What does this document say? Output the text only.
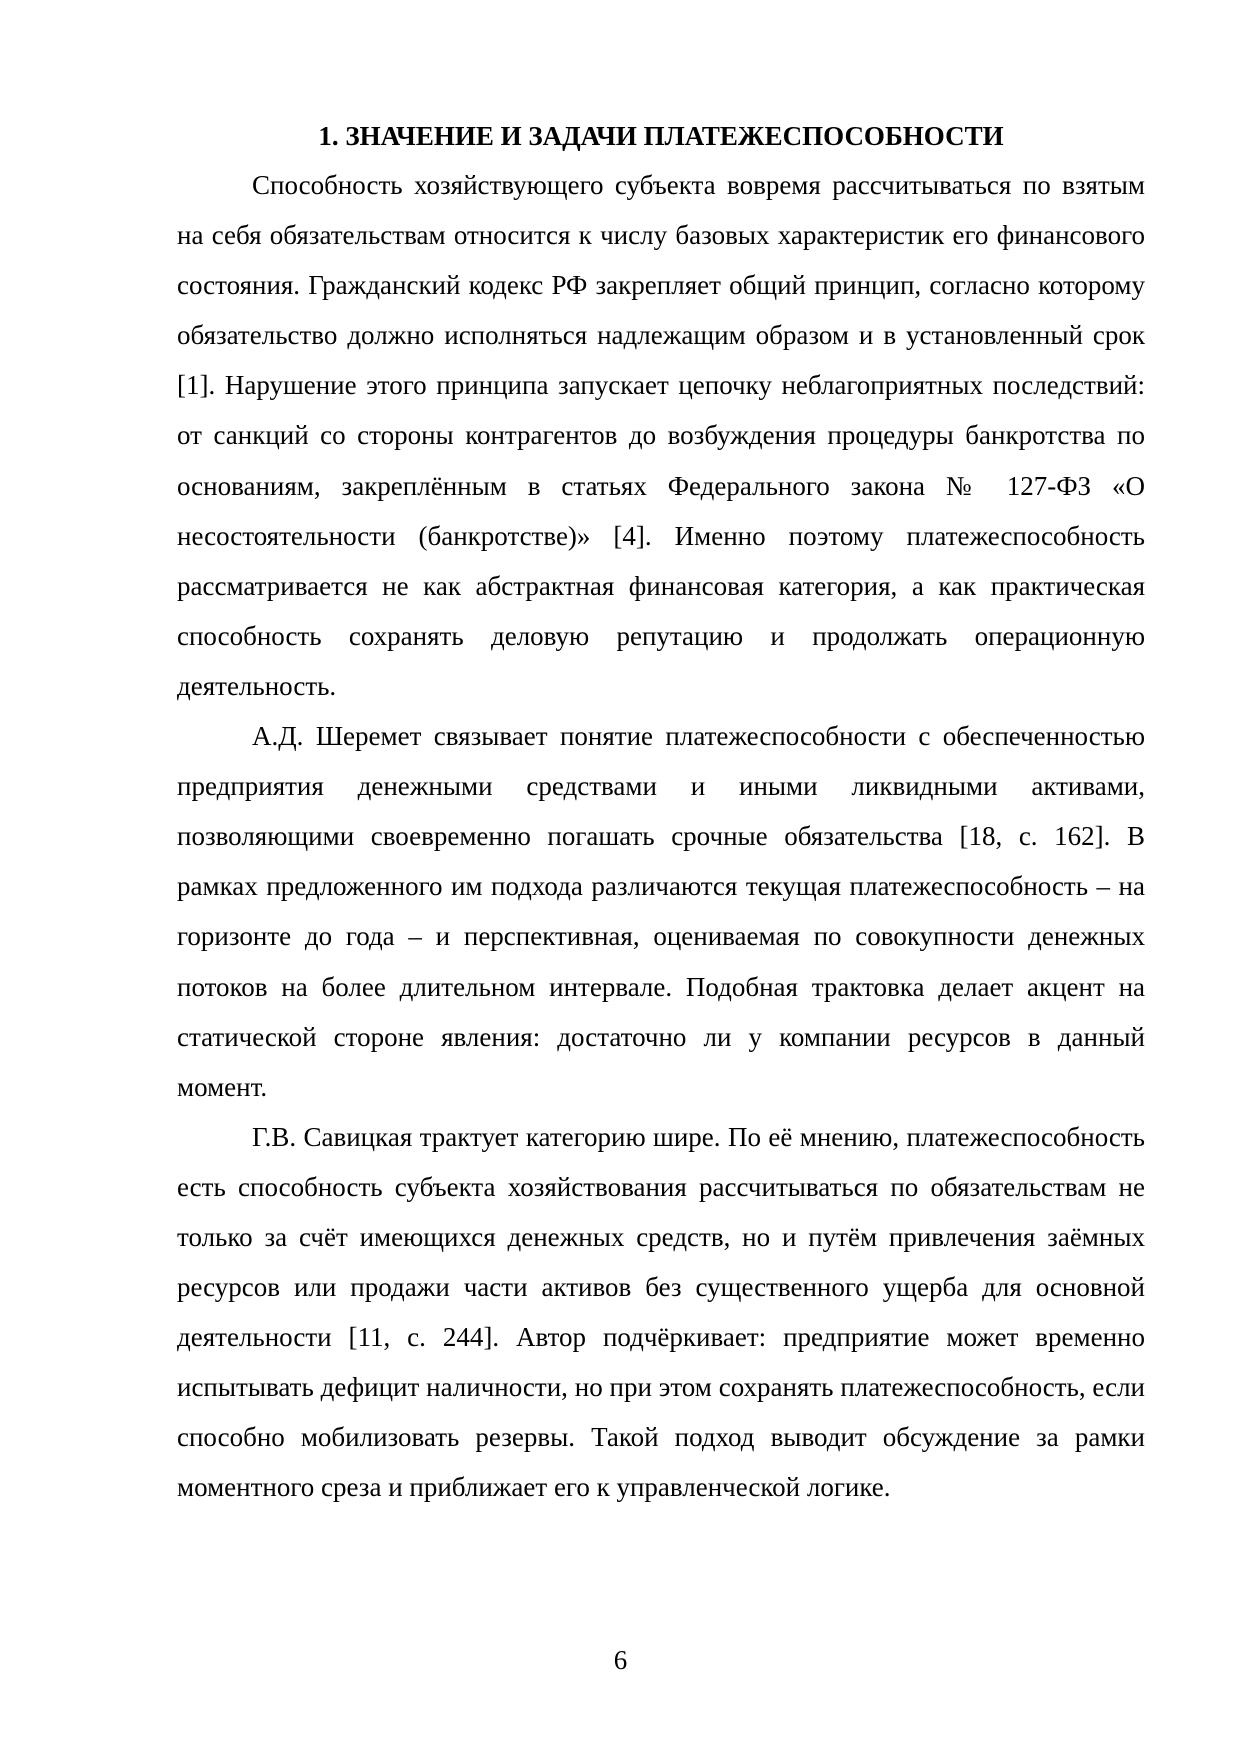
1. ЗНАЧЕНИЕ И ЗАДАЧИ ПЛАТЕЖЕСПОСОБНОСТИ

Способность хозяйствующего субъекта вовремя рассчитываться по взятым на себя обязательствам относится к числу базовых характеристик его финансового состояния. Гражданский кодекс РФ закрепляет общий принцип, согласно которому обязательство должно исполняться надлежащим образом и в установленный срок [1]. Нарушение этого принципа запускает цепочку неблагоприятных последствий: от санкций со стороны контрагентов до возбуждения процедуры банкротства по основаниям, закреплённым в статьях Федерального закона № 127-ФЗ «О несостоятельности (банкротстве)» [4]. Именно поэтому платежеспособность рассматривается не как абстрактная финансовая категория, а как практическая способность сохранять деловую репутацию и продолжать операционную деятельность.

А.Д. Шеремет связывает понятие платежеспособности с обеспеченностью предприятия денежными средствами и иными ликвидными активами, позволяющими своевременно погашать срочные обязательства [18, с. 162]. В рамках предложенного им подхода различаются текущая платежеспособность – на горизонте до года – и перспективная, оцениваемая по совокупности денежных потоков на более длительном интервале. Подобная трактовка делает акцент на статической стороне явления: достаточно ли у компании ресурсов в данный момент.

Г.В. Савицкая трактует категорию шире. По её мнению, платежеспособность есть способность субъекта хозяйствования рассчитываться по обязательствам не только за счёт имеющихся денежных средств, но и путём привлечения заёмных ресурсов или продажи части активов без существенного ущерба для основной деятельности [11, с. 244]. Автор подчёркивает: предприятие может временно испытывать дефицит наличности, но при этом сохранять платежеспособность, если способно мобилизовать резервы. Такой подход выводит обсуждение за рамки моментного среза и приближает его к управленческой логике.

6
